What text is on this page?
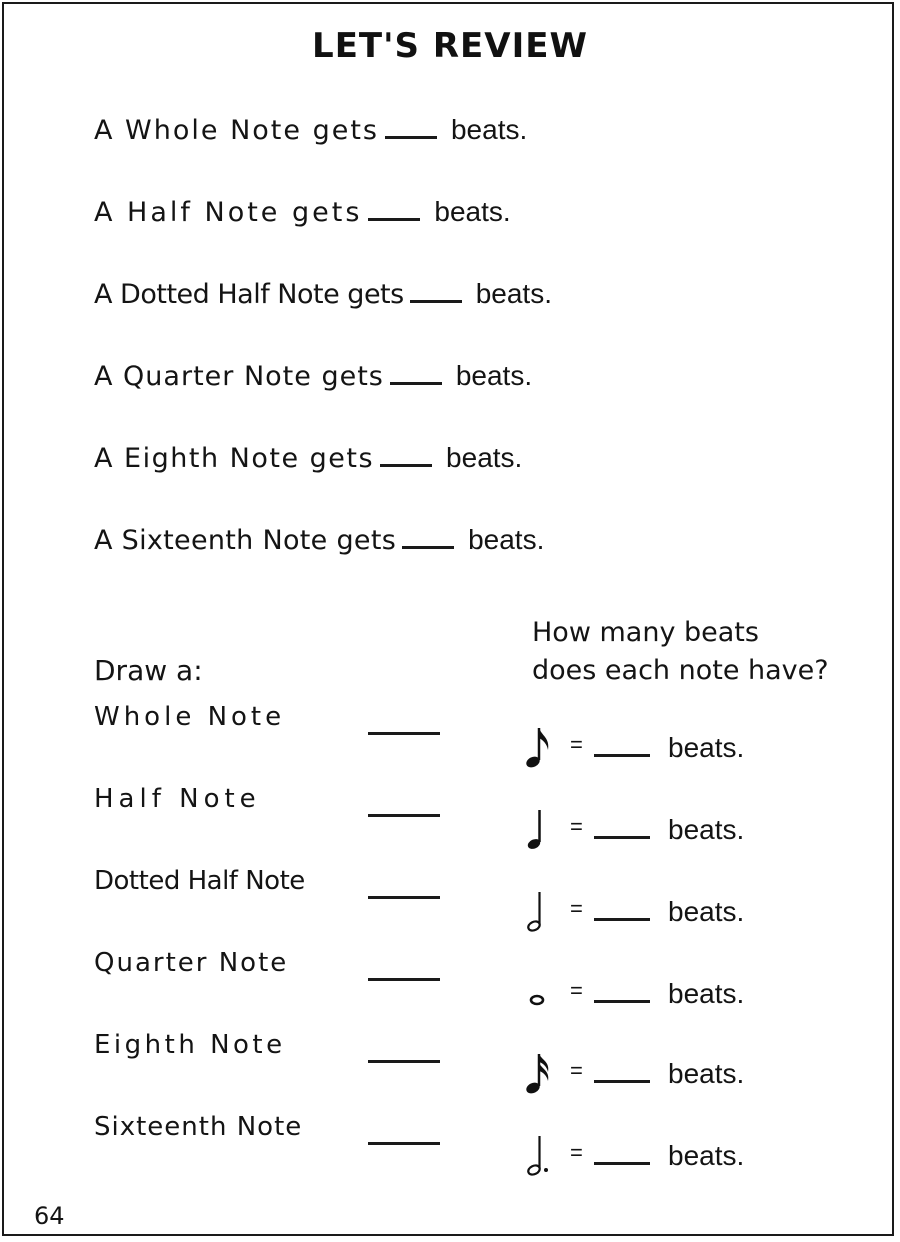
LET'S REVIEW
A Whole Note gets	beats.
A Half Note gets	beats.
A Dotted Half Note gets	beats.
A Quarter Note gets	beats.
A Eighth Note gets	beats.
A Sixteenth Note gets	beats.
Draw a:
Whole Note
Half Note
Dotted Half Note
Quarter Note
Eighth Note
Sixteenth Note
How many beats
does each note have?
=	beats.
=	beats.
=	beats.
=	beats.
=	beats.
=	beats.
64
